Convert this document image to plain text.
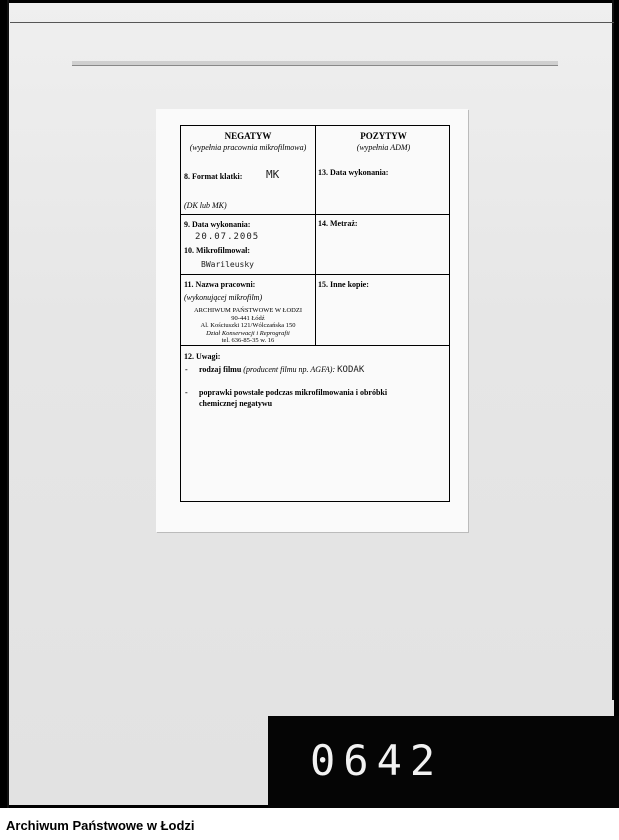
NEGATYW
(wypełnia pracownia mikrofilmowa)
POZYTYW
(wypełnia ADM)
8. Format klatki: MK
(DK lub MK)
13. Data wykonania:
9. Data wykonania:
20.07.2005
10. Mikrofilmował:
BWarileusky
14. Metraż:
11. Nazwa pracowni:
(wykonującej mikrofilm)
ARCHIWUM PAŃSTWOWE W ŁODZI
90-441 Łódź
Al. Kościuszki 121/Wólczańska 150
Dział Konserwacji i Reprografii
tel. 636-85-35 w. 16
15. Inne kopie:
12. Uwagi:
- rodzaj filmu (producent filmu np. AGFA): KODAK
- poprawki powstałe podczas mikrofilmowania i obróbki
chemicznej negatywu
0642
Archiwum Państwowe w Łodzi
